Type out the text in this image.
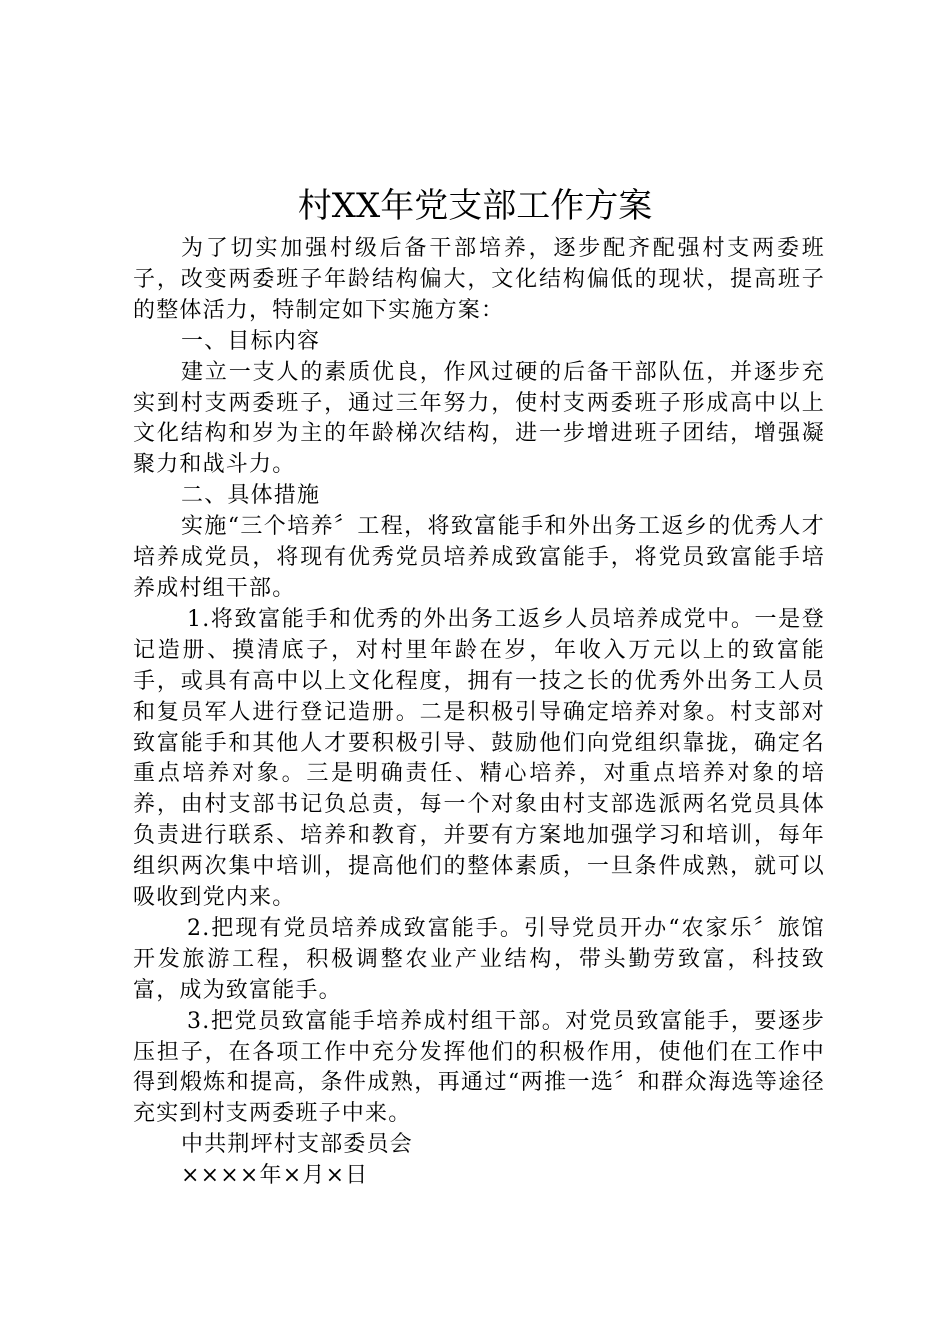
村XX年党支部工作方案

为了切实加强村级后备干部培养，逐步配齐配强村支两委班子，改变两委班子年龄结构偏大，文化结构偏低的现状，提高班子的整体活力，特制定如下实施方案：

一、目标内容

建立一支人的素质优良，作风过硬的后备干部队伍，并逐步充实到村支两委班子，通过三年努力，使村支两委班子形成高中以上文化结构和岁为主的年龄梯次结构，进一步增进班子团结，增强凝聚力和战斗力。

二、具体措施

实施“三个培养〞工程，将致富能手和外出务工返乡的优秀人才培养成党员，将现有优秀党员培养成致富能手，将党员致富能手培养成村组干部。

1.将致富能手和优秀的外出务工返乡人员培养成党中。一是登记造册、摸清底子，对村里年龄在岁，年收入万元以上的致富能手，或具有高中以上文化程度，拥有一技之长的优秀外出务工人员和复员军人进行登记造册。二是积极引导确定培养对象。村支部对致富能手和其他人才要积极引导、鼓励他们向党组织靠拢，确定名重点培养对象。三是明确责任、精心培养，对重点培养对象的培养，由村支部书记负总责，每一个对象由村支部选派两名党员具体负责进行联系、培养和教育，并要有方案地加强学习和培训，每年组织两次集中培训，提高他们的整体素质，一旦条件成熟，就可以吸收到党内来。

2.把现有党员培养成致富能手。引导党员开办“农家乐〞旅馆开发旅游工程，积极调整农业产业结构，带头勤劳致富，科技致富，成为致富能手。

3.把党员致富能手培养成村组干部。对党员致富能手，要逐步压担子，在各项工作中充分发挥他们的积极作用，使他们在工作中得到煅炼和提高，条件成熟，再通过“两推一选〞和群众海选等途径充实到村支两委班子中来。

中共荆坪村支部委员会

××××年×月×日
